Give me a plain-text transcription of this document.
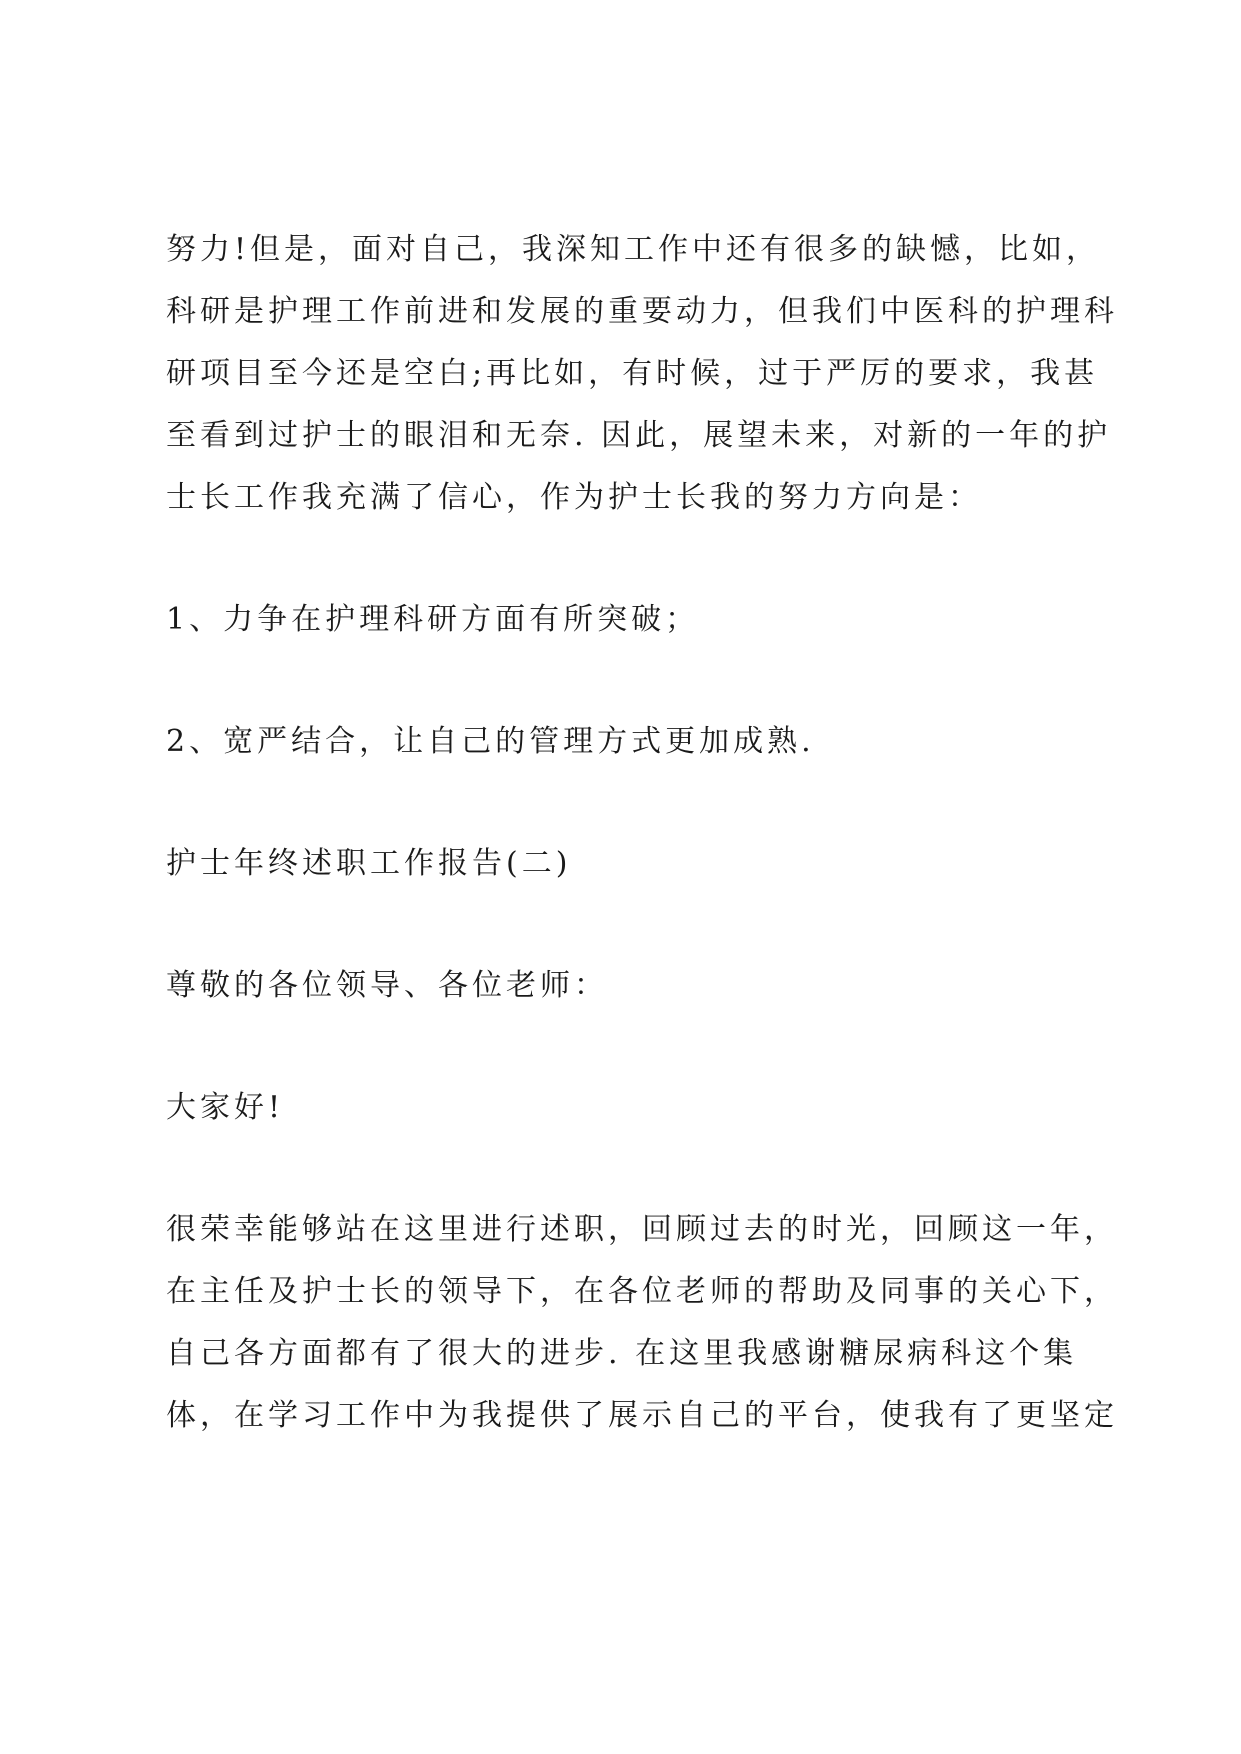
努力!但是，面对自己，我深知工作中还有很多的缺憾，比如，
科研是护理工作前进和发展的重要动力，但我们中医科的护理科
研项目至今还是空白;再比如，有时候，过于严厉的要求，我甚
至看到过护士的眼泪和无奈. 因此，展望未来，对新的一年的护
士长工作我充满了信心，作为护士长我的努力方向是：
1、力争在护理科研方面有所突破；
2、宽严结合，让自己的管理方式更加成熟.
护士年终述职工作报告(二)
尊敬的各位领导、各位老师：
大家好!
很荣幸能够站在这里进行述职，回顾过去的时光，回顾这一年，
在主任及护士长的领导下，在各位老师的帮助及同事的关心下，
自己各方面都有了很大的进步. 在这里我感谢糖尿病科这个集
体，在学习工作中为我提供了展示自己的平台，使我有了更坚定
